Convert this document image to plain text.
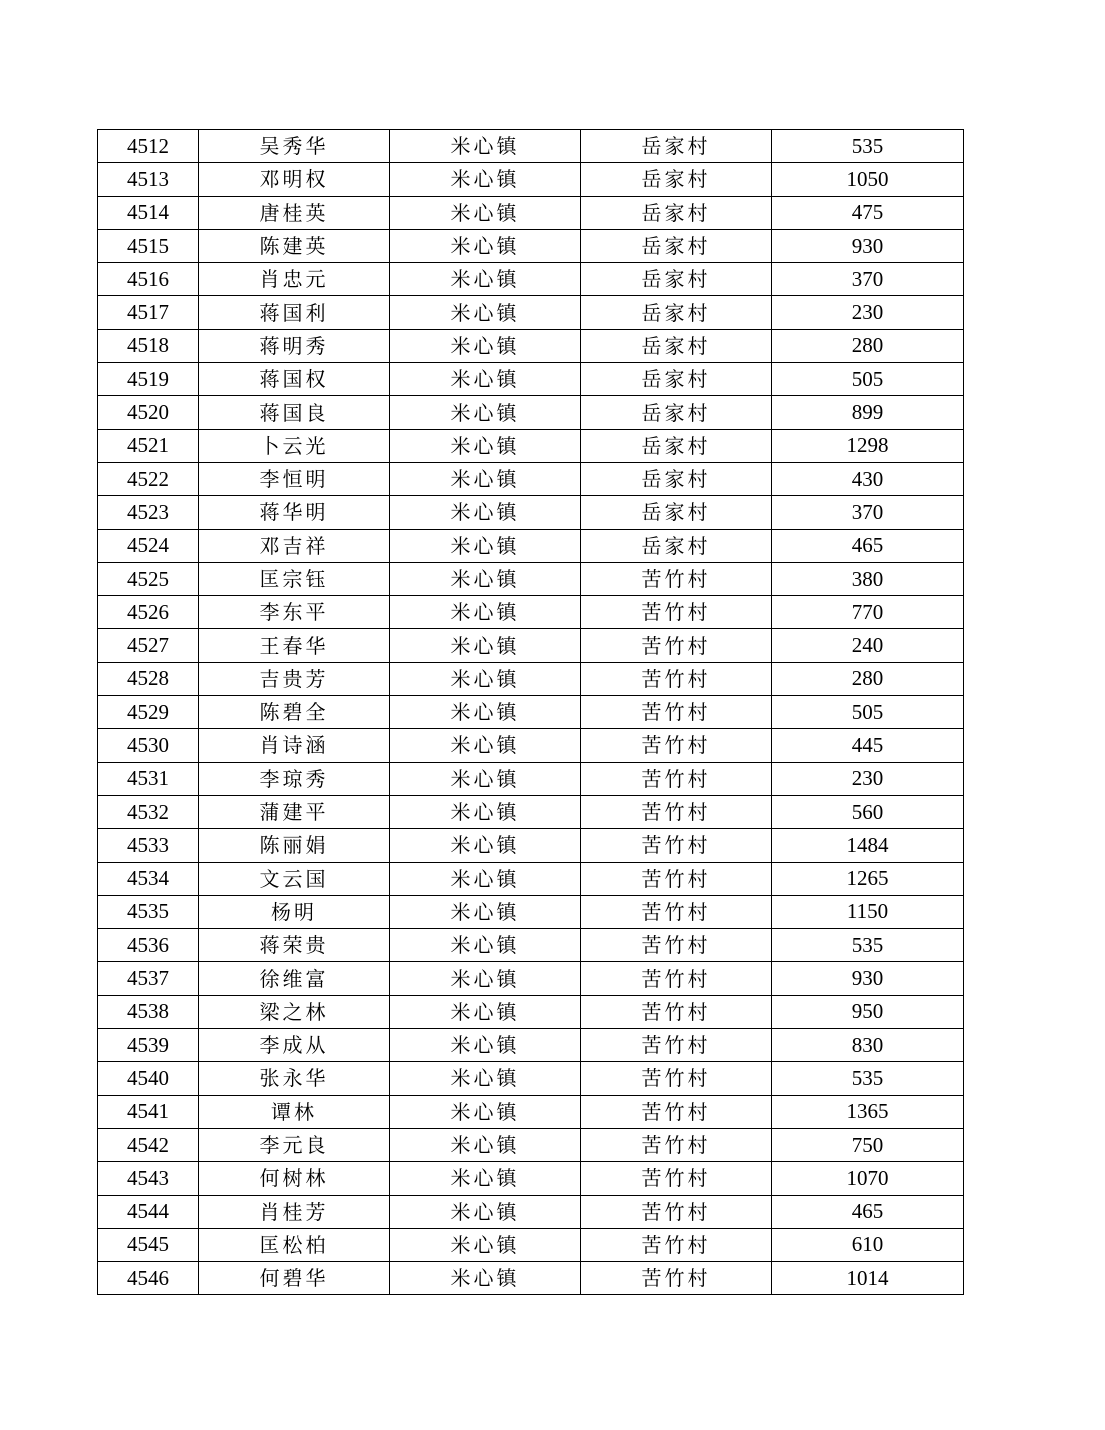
4512	吴秀华	米心镇	岳家村	535
4513	邓明权	米心镇	岳家村	1050
4514	唐桂英	米心镇	岳家村	475
4515	陈建英	米心镇	岳家村	930
4516	肖忠元	米心镇	岳家村	370
4517	蒋国利	米心镇	岳家村	230
4518	蒋明秀	米心镇	岳家村	280
4519	蒋国权	米心镇	岳家村	505
4520	蒋国良	米心镇	岳家村	899
4521	卜云光	米心镇	岳家村	1298
4522	李恒明	米心镇	岳家村	430
4523	蒋华明	米心镇	岳家村	370
4524	邓吉祥	米心镇	岳家村	465
4525	匡宗钰	米心镇	苦竹村	380
4526	李东平	米心镇	苦竹村	770
4527	王春华	米心镇	苦竹村	240
4528	吉贵芳	米心镇	苦竹村	280
4529	陈碧全	米心镇	苦竹村	505
4530	肖诗涵	米心镇	苦竹村	445
4531	李琼秀	米心镇	苦竹村	230
4532	蒲建平	米心镇	苦竹村	560
4533	陈丽娟	米心镇	苦竹村	1484
4534	文云国	米心镇	苦竹村	1265
4535	杨明	米心镇	苦竹村	1150
4536	蒋荣贵	米心镇	苦竹村	535
4537	徐维富	米心镇	苦竹村	930
4538	梁之林	米心镇	苦竹村	950
4539	李成从	米心镇	苦竹村	830
4540	张永华	米心镇	苦竹村	535
4541	谭林	米心镇	苦竹村	1365
4542	李元良	米心镇	苦竹村	750
4543	何树林	米心镇	苦竹村	1070
4544	肖桂芳	米心镇	苦竹村	465
4545	匡松柏	米心镇	苦竹村	610
4546	何碧华	米心镇	苦竹村	1014
